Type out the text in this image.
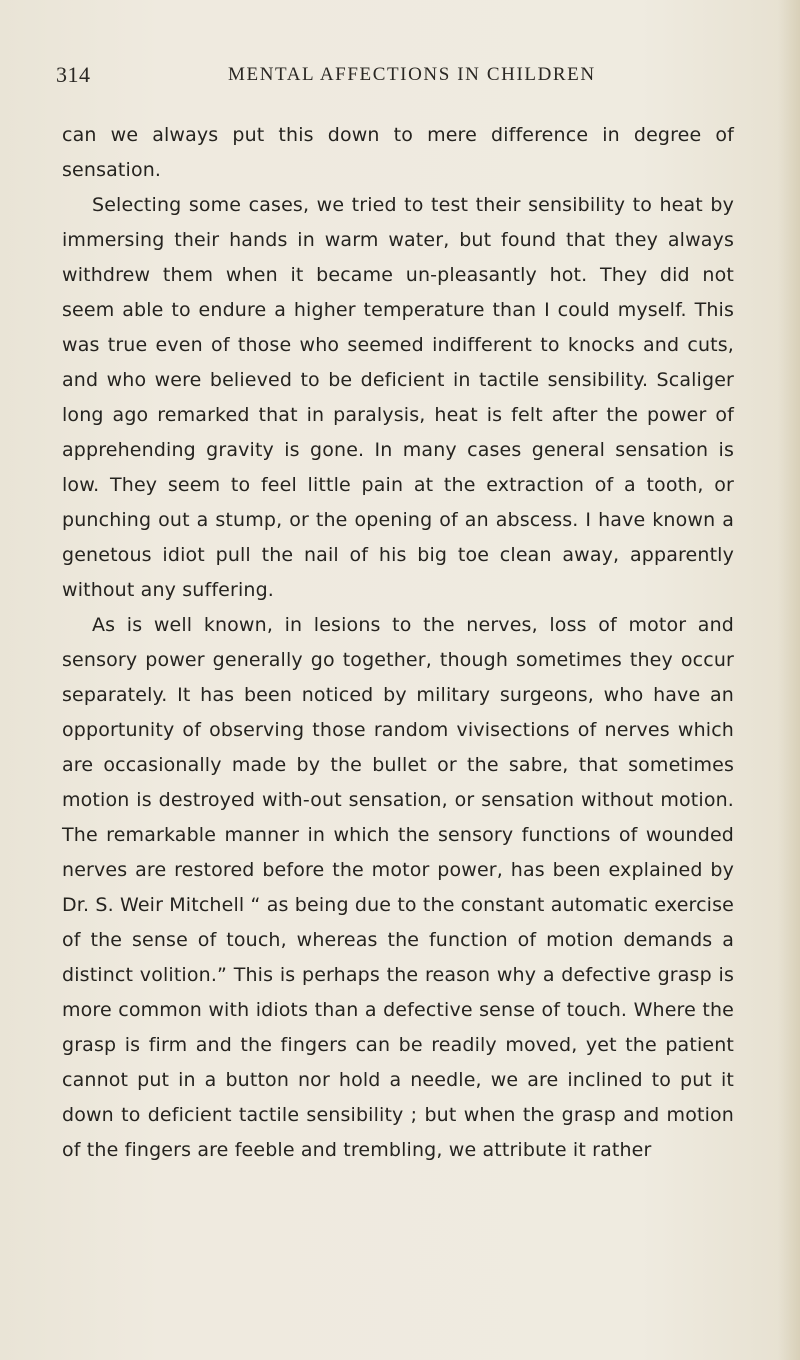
314	MENTAL AFFECTIONS IN CHILDREN

can we always put this down to mere difference in degree of sensation.

Selecting some cases, we tried to test their sensibility to heat by immersing their hands in warm water, but found that they always withdrew them when it became un-pleasantly hot. They did not seem able to endure a higher temperature than I could myself. This was true even of those who seemed indifferent to knocks and cuts, and who were believed to be deficient in tactile sensibility. Scaliger long ago remarked that in paralysis, heat is felt after the power of apprehending gravity is gone. In many cases general sensation is low. They seem to feel little pain at the extraction of a tooth, or punching out a stump, or the opening of an abscess. I have known a genetous idiot pull the nail of his big toe clean away, apparently without any suffering.

As is well known, in lesions to the nerves, loss of motor and sensory power generally go together, though sometimes they occur separately. It has been noticed by military surgeons, who have an opportunity of observing those random vivisections of nerves which are occasionally made by the bullet or the sabre, that sometimes motion is destroyed with-out sensation, or sensation without motion. The remarkable manner in which the sensory functions of wounded nerves are restored before the motor power, has been explained by Dr. S. Weir Mitchell “ as being due to the constant automatic exercise of the sense of touch, whereas the function of motion demands a distinct volition.” This is perhaps the reason why a defective grasp is more common with idiots than a defective sense of touch. Where the grasp is firm and the fingers can be readily moved, yet the patient cannot put in a button nor hold a needle, we are inclined to put it down to deficient tactile sensibility ; but when the grasp and motion of the fingers are feeble and trembling, we attribute it rather
